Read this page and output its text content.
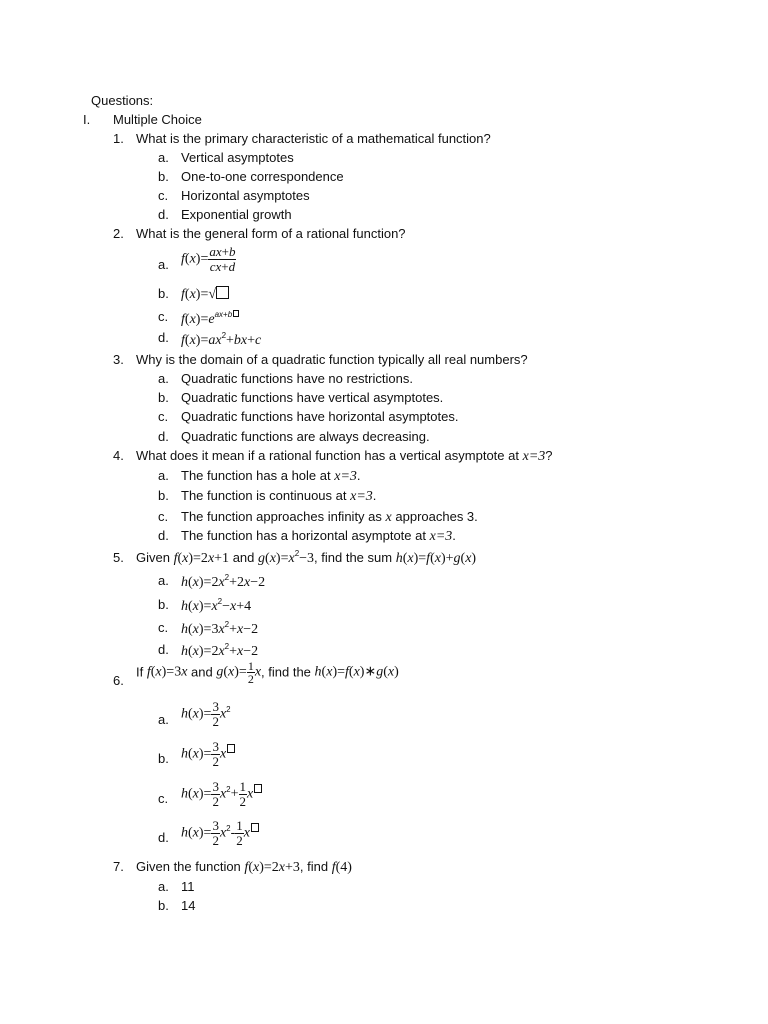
Questions:
I. Multiple Choice
1. What is the primary characteristic of a mathematical function?
a. Vertical asymptotes
b. One-to-one correspondence
c. Horizontal asymptotes
d. Exponential growth
2. What is the general form of a rational function?
a. $f(x)= \frac{ax+b}{cx+d}$
b. f(x)=√
c. $f(x)=e^{ax+b}$
d. $f(x)=ax^2+bx+c$
3. Why is the domain of a quadratic function typically all real numbers?
a. Quadratic functions have no restrictions.
b. Quadratic functions have vertical asymptotes.
c. Quadratic functions have horizontal asymptotes.
d. Quadratic functions are always decreasing.
4. What does it mean if a rational function has a vertical asymptote at x=3?
a. The function has a hole at x=3.
b. The function is continuous at x=3.
c. The function approaches infinity as x approaches 3.
d. The function has a horizontal asymptote at x=3.
5. Given f(x)=2x+1 and $g(x)=x^2-3$, find the sum h(x)=f(x)+g(x)
a. $h(x)=2x^2+2x-2$
b. $h(x)=x^2-x+4$
c. $h(x)=3x^2+x-2$
d. $h(x)=2x^2+x-2$
6.
If f(x)=3x and $g(x)= \frac{1}{2} x$, find the h(x)=f(x)∗g(x)
a. $h(x)= \frac{3}{2} x^2$
b. $h(x)= \frac{3}{2}$ x
c. $h(x)= \frac{3}{2} x^2+ \frac{1}{2}$ x
d. $h(x)= \frac{3}{2} x^2- \frac{1}{2}$ x
7. Given the function f(x)=2x+3, find f(4)
a. 11
b. 14
